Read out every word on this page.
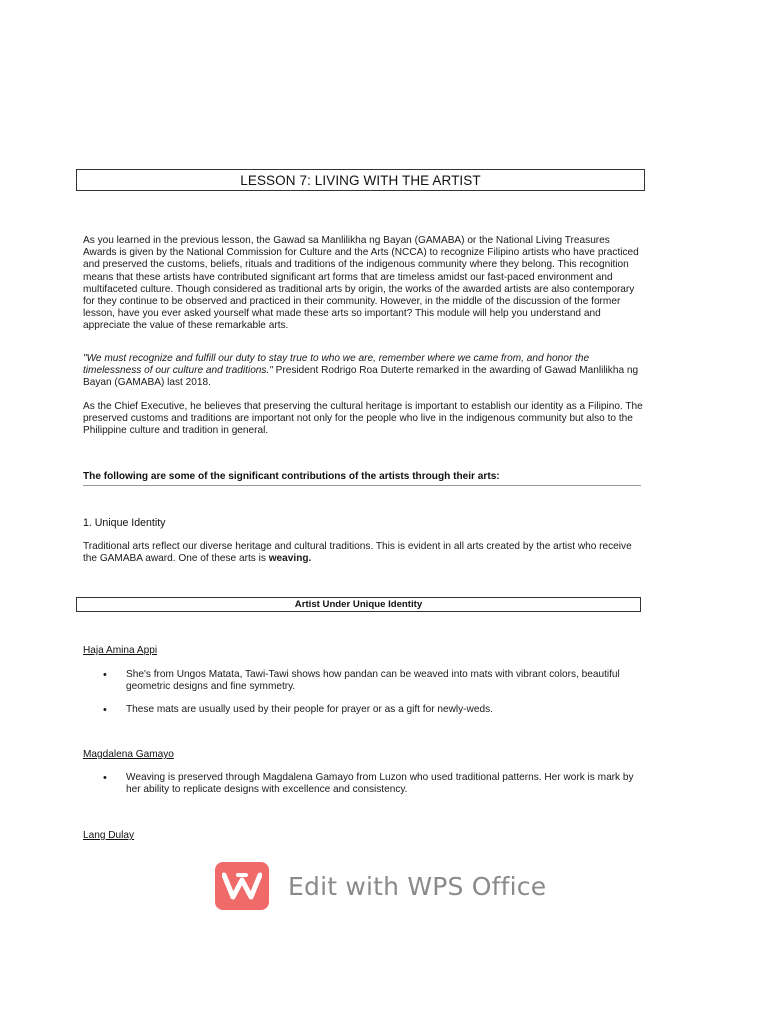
LESSON 7: LIVING WITH THE ARTIST

As you learned in the previous lesson, the Gawad sa Manlilikha ng Bayan (GAMABA) or the National Living Treasures Awards is given by the National Commission for Culture and the Arts (NCCA) to recognize Filipino artists who have practiced and preserved the customs, beliefs, rituals and traditions of the indigenous community where they belong. This recognition means that these artists have contributed significant art forms that are timeless amidst our fast-paced environment and multifaceted culture. Though considered as traditional arts by origin, the works of the awarded artists are also contemporary for they continue to be observed and practiced in their community. However, in the middle of the discussion of the former lesson, have you ever asked yourself what made these arts so important? This module will help you understand and appreciate the value of these remarkable arts.

"We must recognize and fulfill our duty to stay true to who we are, remember where we came from, and honor the timelessness of our culture and traditions." President Rodrigo Roa Duterte remarked in the awarding of Gawad Manlilikha ng Bayan (GAMABA) last 2018.

As the Chief Executive, he believes that preserving the cultural heritage is important to establish our identity as a Filipino. The preserved customs and traditions are important not only for the people who live in the indigenous community but also to the Philippine culture and tradition in general.

The following are some of the significant contributions of the artists through their arts:
1. Unique Identity

Traditional arts reflect our diverse heritage and cultural traditions. This is evident in all arts created by the artist who receive the GAMABA award. One of these arts is weaving.

Artist Under Unique Identity
Haja Amina Appi
• She's from Ungos Matata, Tawi-Tawi shows how pandan can be weaved into mats with vibrant colors, beautiful geometric designs and fine symmetry.
• These mats are usually used by their people for prayer or as a gift for newly-weds.
Magdalena Gamayo
• Weaving is preserved through Magdalena Gamayo from Luzon who used traditional patterns. Her work is mark by her ability to replicate designs with excellence and consistency.
Lang Dulay
Edit with WPS Office
